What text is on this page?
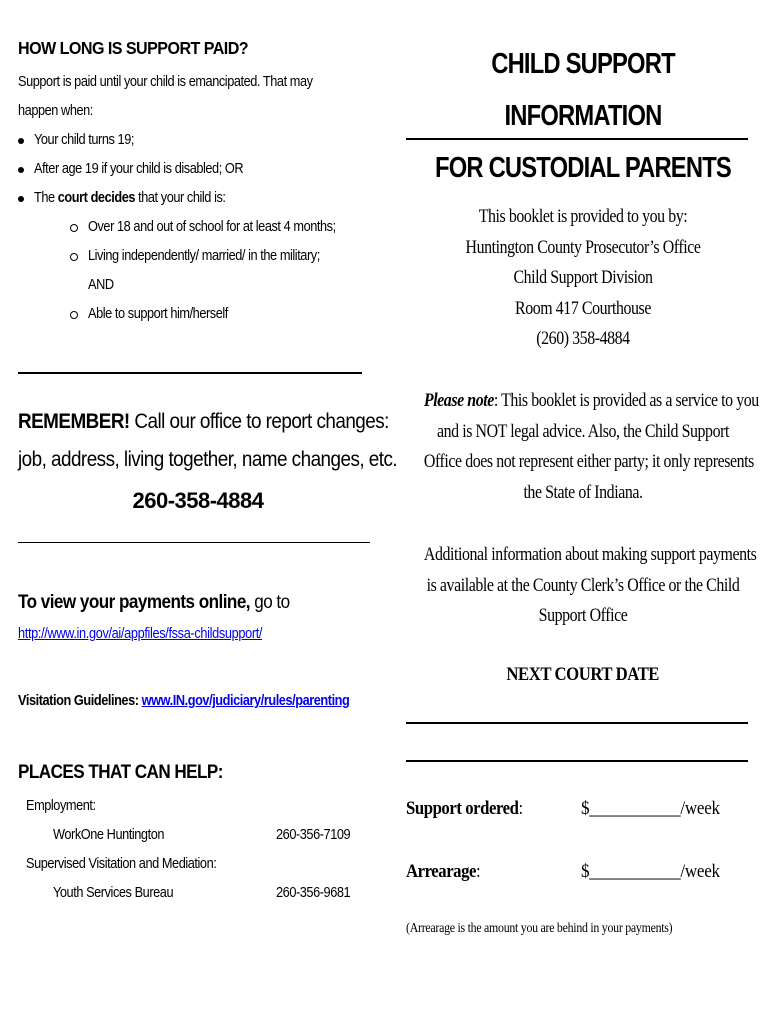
HOW LONG IS SUPPORT PAID?
Support is paid until your child is emancipated. That may
happen when:
Your child turns 19;
After age 19 if your child is disabled; OR
The court decides that your child is:
Over 18 and out of school for at least 4 months;
Living independently/ married/ in the military;
AND
Able to support him/herself
REMEMBER! Call our office to report changes:
job, address, living together, name changes, etc.
260-358-4884
To view your payments online, go to
http://www.in.gov/ai/appfiles/fssa-childsupport/
Visitation Guidelines: www.IN.gov/judiciary/rules/parenting
PLACES THAT CAN HELP:
Employment:
WorkOne Huntington	260-356-7109
Supervised Visitation and Mediation:
Youth Services Bureau	260-356-9681
CHILD SUPPORT INFORMATION
FOR CUSTODIAL PARENTS
This booklet is provided to you by:
Huntington County Prosecutor’s Office
Child Support Division
Room 417 Courthouse
(260) 358-4884
Please note: This booklet is provided as a service to you
and is NOT legal advice. Also, the Child Support
Office does not represent either party; it only represents
the State of Indiana.
Additional information about making support payments
is available at the County Clerk’s Office or the Child
Support Office
NEXT COURT DATE
Support ordered:	$___________/week
Arrearage:	$___________/week
(Arrearage is the amount you are behind in your payments)
